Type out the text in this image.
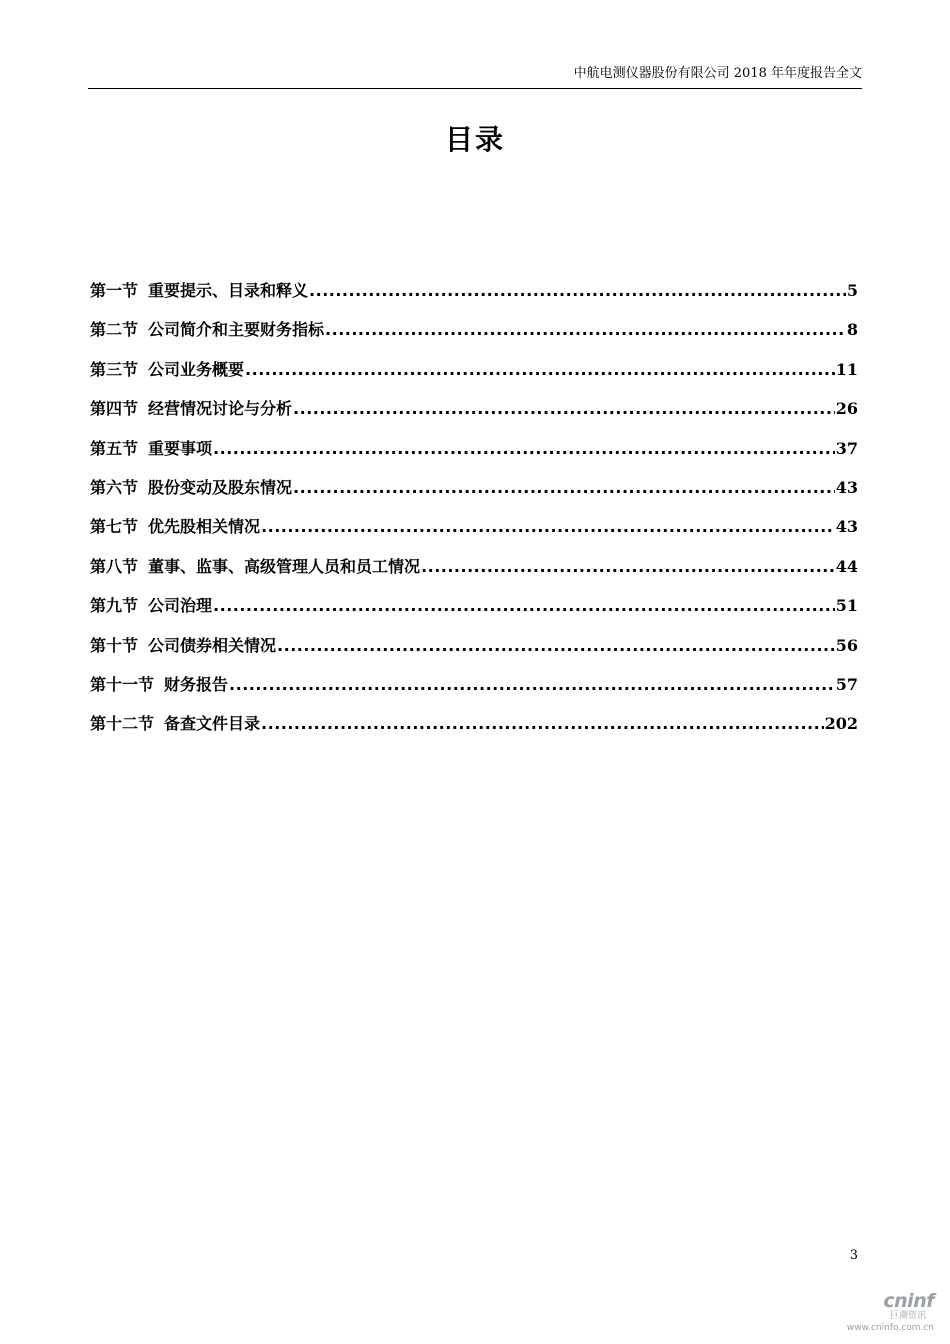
中航电测仪器股份有限公司 2018 年年度报告全文
目录
第一节 重要提示、目录和释义 .....	5
第二节 公司简介和主要财务指标 .....	8
第三节 公司业务概要 .....	11
第四节 经营情况讨论与分析 .....	26
第五节 重要事项 .....	37
第六节 股份变动及股东情况 .....	43
第七节 优先股相关情况 .....	43
第八节 董事、监事、高级管理人员和员工情况 .....	44
第九节 公司治理 .....	51
第十节 公司债券相关情况 .....	56
第十一节 财务报告 .....	57
第十二节 备查文件目录 .....	202
3
cninf
巨潮资讯
www.cninfo.com.cn
